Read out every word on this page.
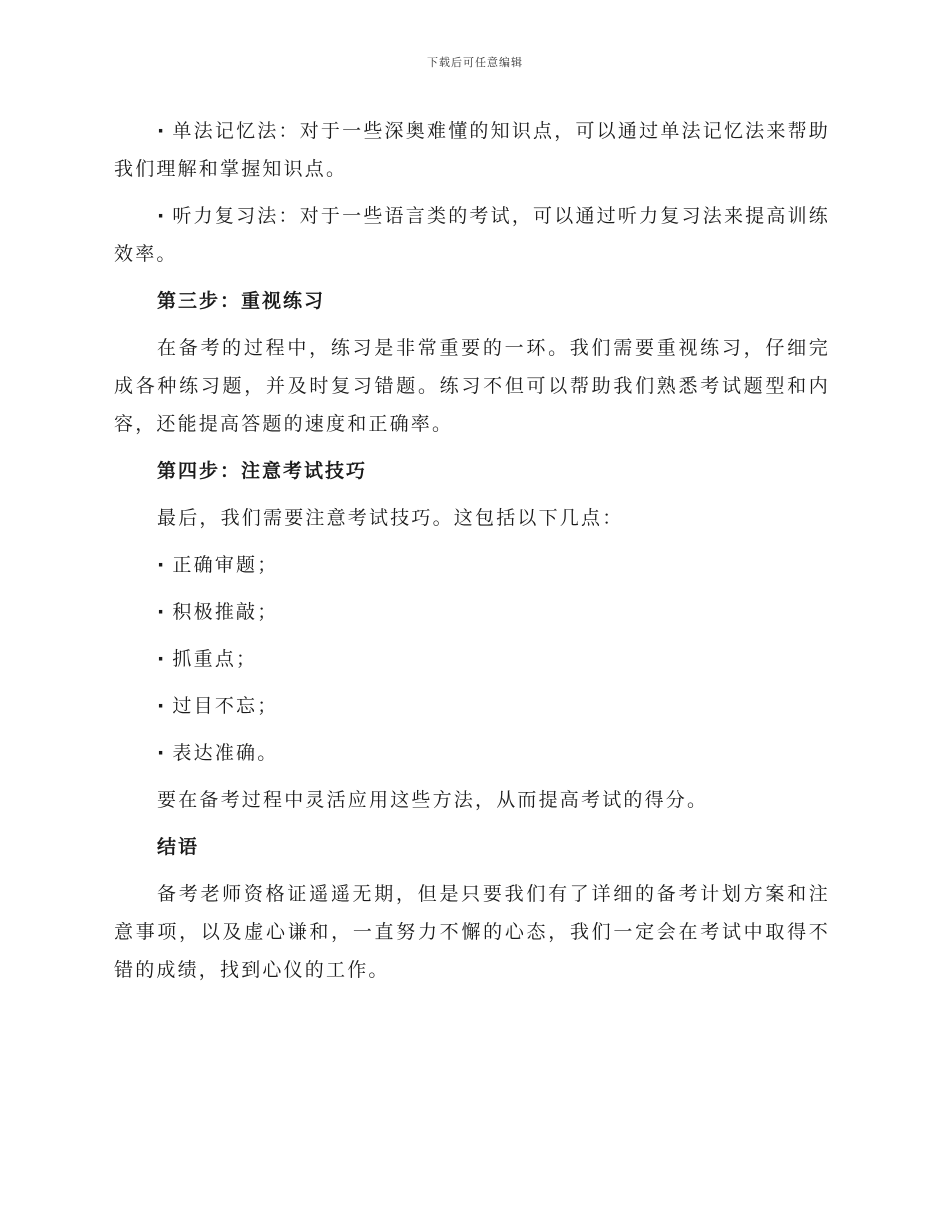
下载后可任意编辑

· 单法记忆法：对于一些深奥难懂的知识点，可以通过单法记忆法来帮助我们理解和掌握知识点。

· 听力复习法：对于一些语言类的考试，可以通过听力复习法来提高训练效率。

第三步：重视练习

在备考的过程中，练习是非常重要的一环。我们需要重视练习，仔细完成各种练习题，并及时复习错题。练习不但可以帮助我们熟悉考试题型和内容，还能提高答题的速度和正确率。

第四步：注意考试技巧

最后，我们需要注意考试技巧。这包括以下几点：

· 正确审题；

· 积极推敲；

· 抓重点；

· 过目不忘；

· 表达准确。

要在备考过程中灵活应用这些方法，从而提高考试的得分。

结语

备考老师资格证遥遥无期，但是只要我们有了详细的备考计划方案和注意事项，以及虚心谦和，一直努力不懈的心态，我们一定会在考试中取得不错的成绩，找到心仪的工作。
